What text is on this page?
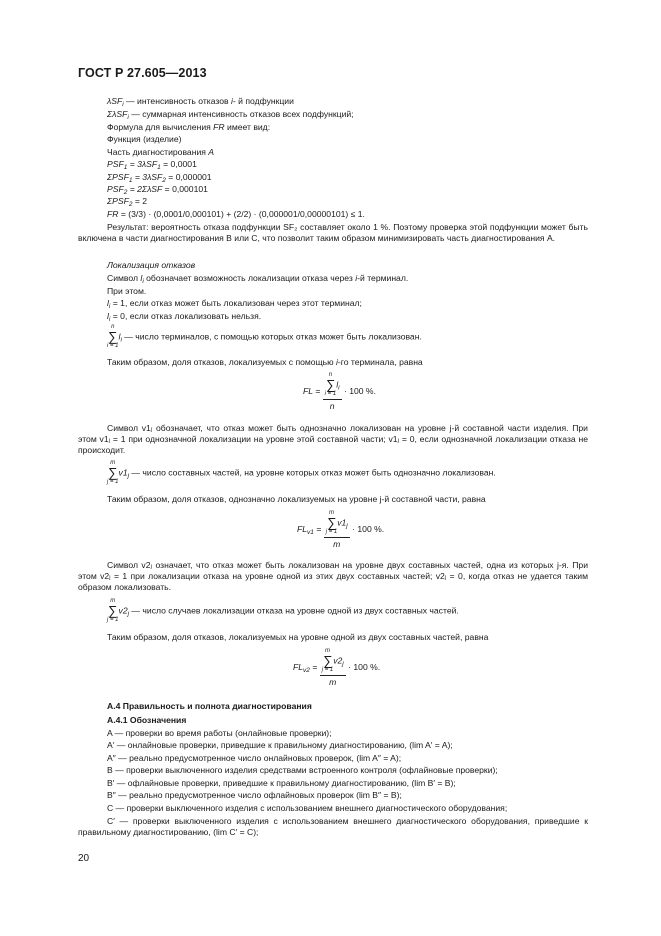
ГОСТ Р 27.605—2013
λSF$_i$ — интенсивность отказов i- й подфункции
ΣλSF$_i$ — суммарная интенсивность отказов всех подфункций;
Формула для вычисления FR имеет вид:
Функция (изделие)
Часть диагностирования A
$PSF_1 = 3\lambda SF_1 = 0,0001$
$\Sigma PSF_1 = 3\lambda SF_2 = 0,000001$
$PSF_2 = 2\Sigma\lambda SF = 0,000101$
$\Sigma PSF_2 = 2$
FR = (3/3) · (0,0001/0,000101) + (2/2) · (0,000001/0,00000101) ≤ 1.
Результат: вероятность отказа подфункции SF₂ составляет около 1 %. Поэтому проверка этой подфункции может быть включена в части диагностирования B или C, что позволит таким образом минимизировать часть диагностирования A.
Локализация отказов
Символ $l_i$ обозначает возможность локализации отказа через i-й терминал.
При этом.
$l_i = 1$, если отказ может быть локализован через этот терминал;
$l_i = 0$, если отказ локализовать нельзя.
n
∑
i = 1
$l_i$ — число терминалов, с помощью которых отказ может быть локализован.
Таким образом, доля отказов, локализуемых с помощью i-го терминала, равна
FL = n
∑
i = 1
$l_i$
n · 100 %.
Символ v1ⱼ обозначает, что отказ может быть однозначно локализован на уровне j-й составной части изделия. При этом v1ⱼ = 1 при однозначной локализации на уровне этой составной части; v1ⱼ = 0, если однозначной локализации отказа не происходит.
m
∑
j = 1
$v1_j$ — число составных частей, на уровне которых отказ может быть однозначно локализован.
Таким образом, доля отказов, однозначно локализуемых на уровне j-й составной части, равна
$FL_{v1} = m$
∑
j = 1
$v1_j$
m · 100 %.
Символ v2ⱼ означает, что отказ может быть локализован на уровне двух составных частей, одна из которых j-я. При этом v2ⱼ = 1 при локализации отказа на уровне одной из этих двух составных частей; v2ⱼ = 0, когда отказ не удается таким образом локализовать.
m
∑
j = 1
$v2_j$ — число случаев локализации отказа на уровне одной из двух составных частей.
Таким образом, доля отказов, локализуемых на уровне одной из двух составных частей, равна
$FL_{v2} = m$
∑
j = 1
$v2_j$
m · 100 %.
А.4 Правильность и полнота диагностирования
А.4.1 Обозначения
A — проверки во время работы (онлайновые проверки);
A′ — онлайновые проверки, приведшие к правильному диагностированию, (lim A′ = A);
A″ — реально предусмотренное число онлайновых проверок, (lim A″ = A);
B — проверки выключенного изделия средствами встроенного контроля (офлайновые проверки);
B′ — офлайновые проверки, приведшие к правильному диагностированию, (lim B′ = B);
B″ — реально предусмотренное число офлайновых проверок (lim B″ = B);
C — проверки выключенного изделия с использованием внешнего диагностического оборудования;
C′ — проверки выключенного изделия с использованием внешнего диагностического оборудования, приведшие к правильному диагностированию, (lim C′ = C);
20
